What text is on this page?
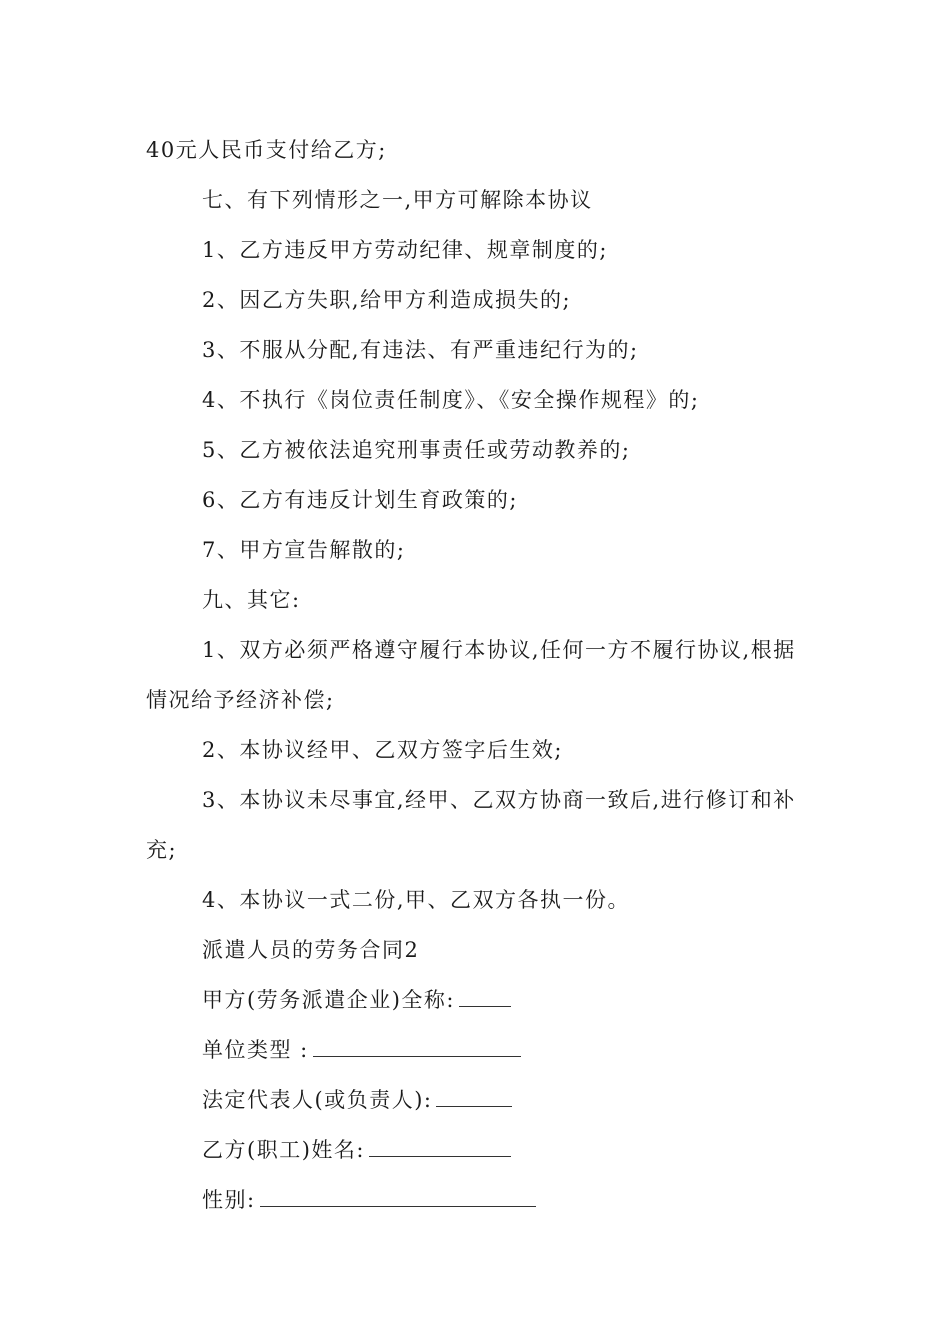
40元人民币支付给乙方;
七、有下列情形之一,甲方可解除本协议
1、乙方违反甲方劳动纪律、规章制度的;
2、因乙方失职,给甲方利造成损失的;
3、不服从分配,有违法、有严重违纪行为的;
4、不执行《岗位责任制度》、《安全操作规程》的;
5、乙方被依法追究刑事责任或劳动教养的;
6、乙方有违反计划生育政策的;
7、甲方宣告解散的;
九、其它:
1、双方必须严格遵守履行本协议,任何一方不履行协议,根据
情况给予经济补偿;
2、本协议经甲、乙双方签字后生效;
3、本协议未尽事宜,经甲、乙双方协商一致后,进行修订和补
充;
4、本协议一式二份,甲、乙双方各执一份。
派遣人员的劳务合同2
甲方(劳务派遣企业)全称:
单位类型 :
法定代表人(或负责人):
乙方(职工)姓名:
性别:
